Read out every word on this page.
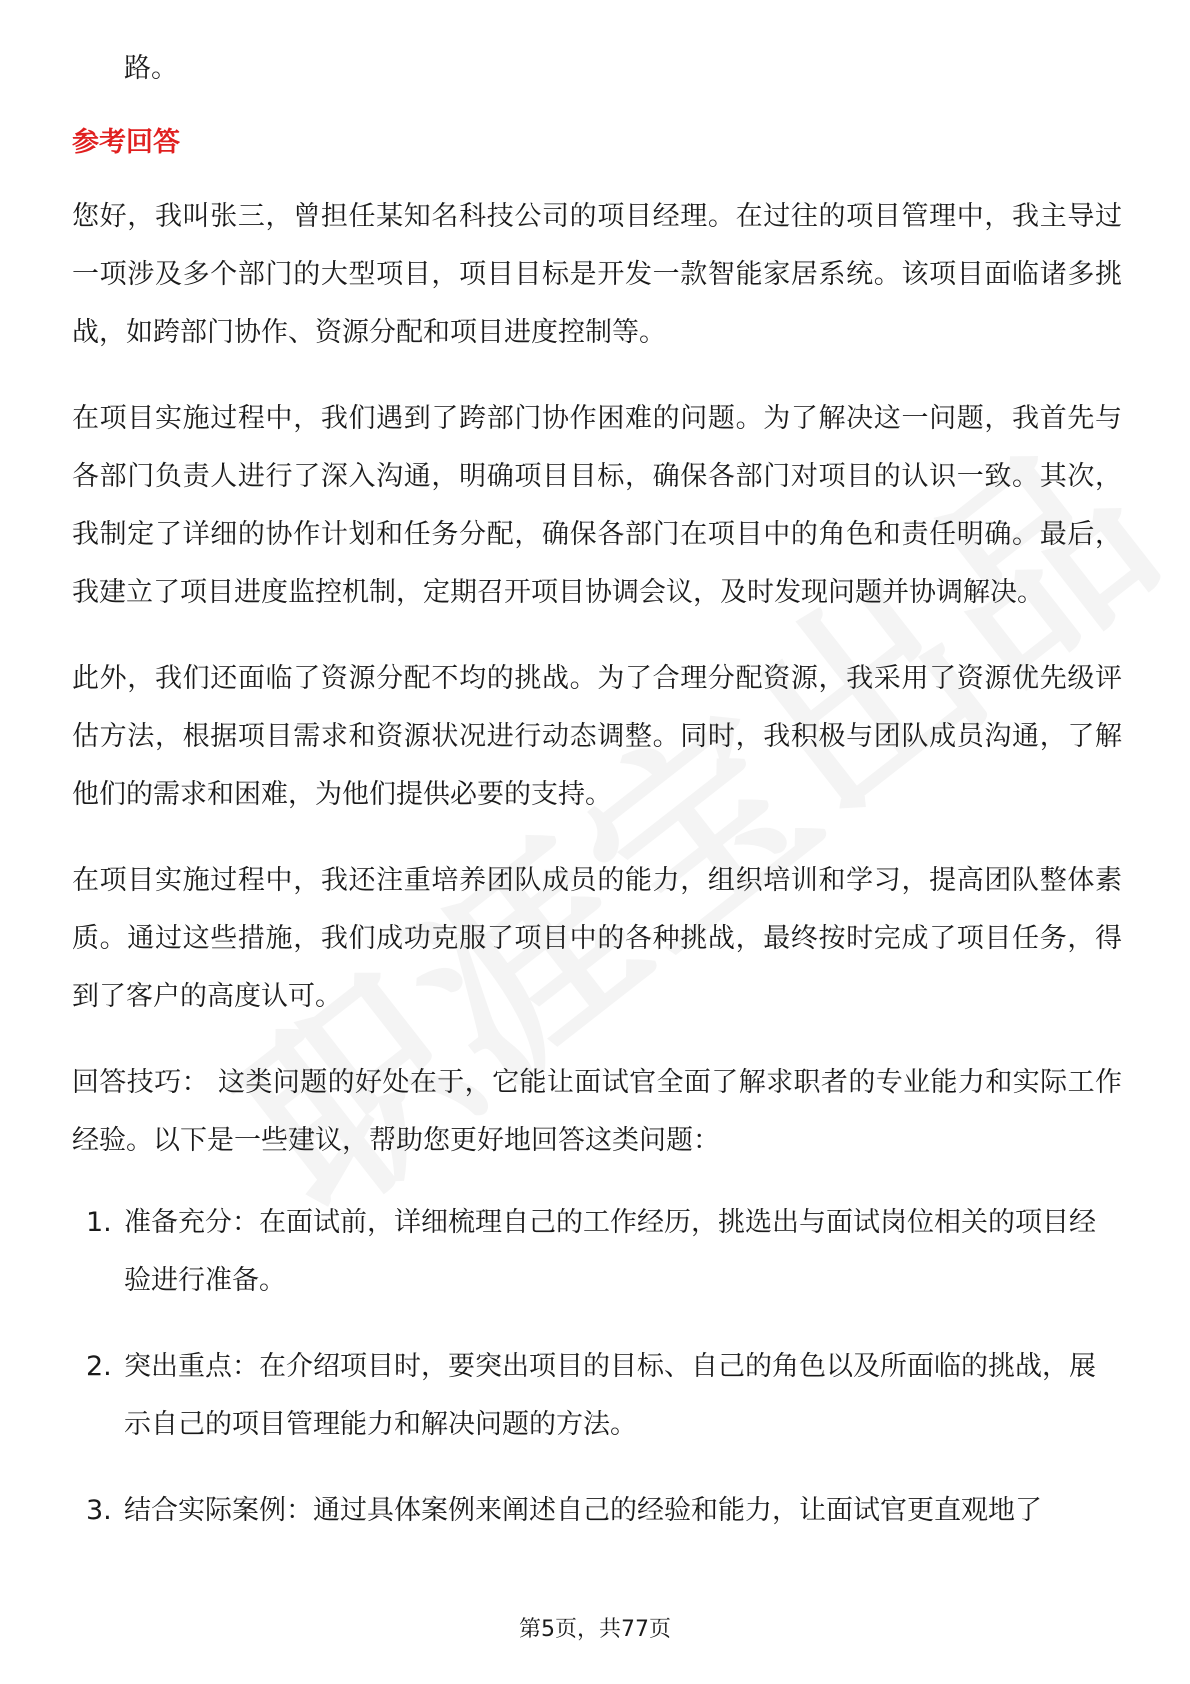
路。

参考回答

您好，我叫张三，曾担任某知名科技公司的项目经理。在过往的项目管理中，我主导过一项涉及多个部门的大型项目，项目目标是开发一款智能家居系统。该项目面临诸多挑战，如跨部门协作、资源分配和项目进度控制等。

在项目实施过程中，我们遇到了跨部门协作困难的问题。为了解决这一问题，我首先与各部门负责人进行了深入沟通，明确项目目标，确保各部门对项目的认识一致。其次，我制定了详细的协作计划和任务分配，确保各部门在项目中的角色和责任明确。最后，我建立了项目进度监控机制，定期召开项目协调会议，及时发现问题并协调解决。

此外，我们还面临了资源分配不均的挑战。为了合理分配资源，我采用了资源优先级评估方法，根据项目需求和资源状况进行动态调整。同时，我积极与团队成员沟通，了解他们的需求和困难，为他们提供必要的支持。

在项目实施过程中，我还注重培养团队成员的能力，组织培训和学习，提高团队整体素质。通过这些措施，我们成功克服了项目中的各种挑战，最终按时完成了项目任务，得到了客户的高度认可。

回答技巧： 这类问题的好处在于，它能让面试官全面了解求职者的专业能力和实际工作经验。以下是一些建议，帮助您更好地回答这类问题：

1. 准备充分：在面试前，详细梳理自己的工作经历，挑选出与面试岗位相关的项目经验进行准备。
2. 突出重点：在介绍项目时，要突出项目的目标、自己的角色以及所面临的挑战，展示自己的项目管理能力和解决问题的方法。
3. 结合实际案例：通过具体案例来阐述自己的经验和能力，让面试官更直观地了
第5页，共77页
